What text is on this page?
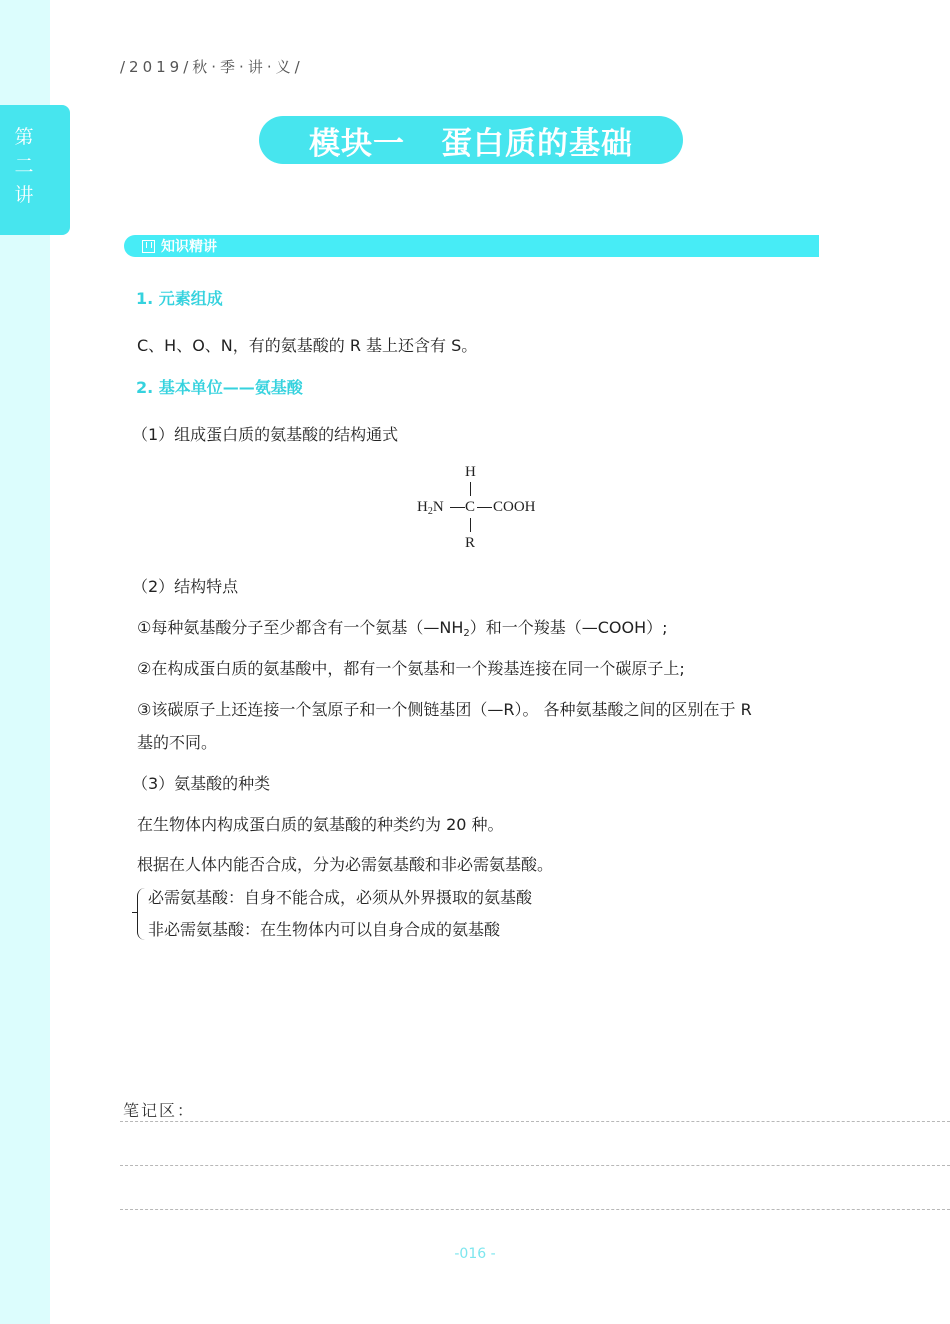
第
二
讲
/2019/秋·季·讲·义/
模块一 蛋白质的基础
知识精讲
1. 元素组成
C、H、O、N，有的氨基酸的 R 基上还含有 S。
2. 基本单位——氨基酸
（1）组成蛋白质的氨基酸的结构通式
H
$H_2N$ C COOH
R
（2）结构特点
①每种氨基酸分子至少都含有一个氨基$(—NH_2)$和一个羧基（—COOH）;
②在构成蛋白质的氨基酸中，都有一个氨基和一个羧基连接在同一个碳原子上;
③该碳原子上还连接一个氢原子和一个侧链基团（—R）。 各种氨基酸之间的区别在于 R
基的不同。
（3）氨基酸的种类
在生物体内构成蛋白质的氨基酸的种类约为 20 种。
根据在人体内能否合成，分为必需氨基酸和非必需氨基酸。
必需氨基酸：自身不能合成，必须从外界摄取的氨基酸
非必需氨基酸：在生物体内可以自身合成的氨基酸
笔记区：
-016 -
